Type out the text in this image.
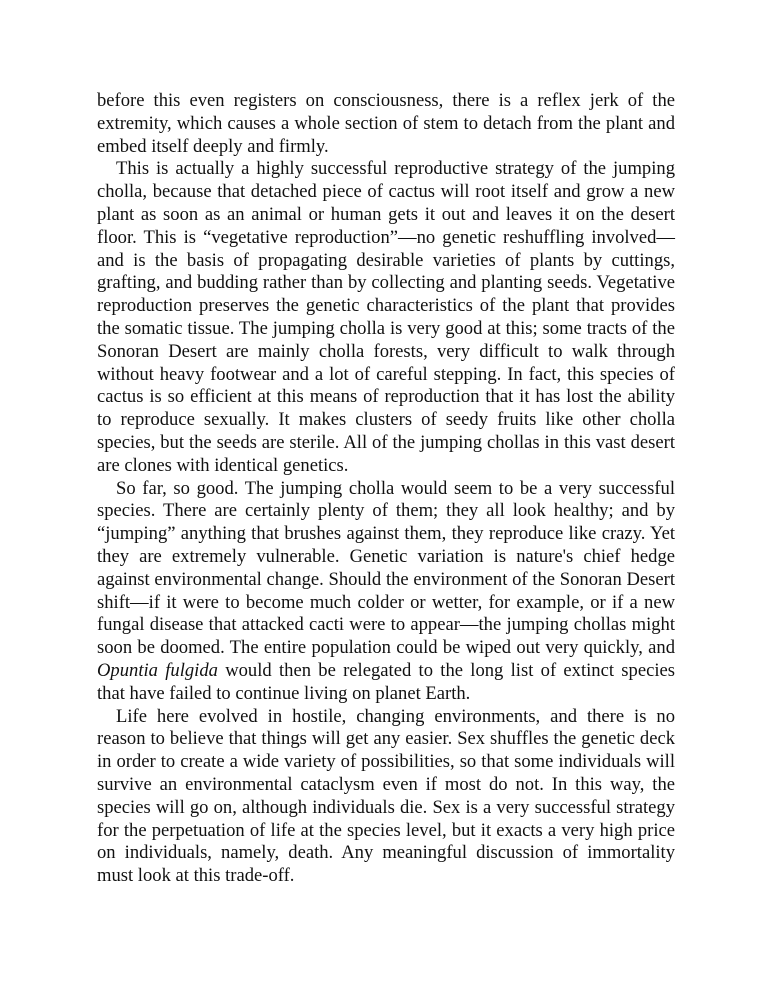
before this even registers on consciousness, there is a reflex jerk of the extremity, which causes a whole section of stem to detach from the plant and embed itself deeply and firmly.

This is actually a highly successful reproductive strategy of the jumping cholla, because that detached piece of cactus will root itself and grow a new plant as soon as an animal or human gets it out and leaves it on the desert floor. This is “vegetative reproduction”—no genetic reshuffling involved—and is the basis of propagating desirable varieties of plants by cuttings, grafting, and budding rather than by collecting and planting seeds. Vegetative reproduction preserves the genetic characteristics of the plant that provides the somatic tissue. The jumping cholla is very good at this; some tracts of the Sonoran Desert are mainly cholla forests, very difficult to walk through without heavy footwear and a lot of careful stepping. In fact, this species of cactus is so efficient at this means of reproduction that it has lost the ability to reproduce sexually. It makes clusters of seedy fruits like other cholla species, but the seeds are sterile. All of the jumping chollas in this vast desert are clones with identical genetics.

So far, so good. The jumping cholla would seem to be a very successful species. There are certainly plenty of them; they all look healthy; and by “jumping” anything that brushes against them, they reproduce like crazy. Yet they are extremely vulnerable. Genetic variation is nature's chief hedge against environmental change. Should the environment of the Sonoran Desert shift—if it were to become much colder or wetter, for example, or if a new fungal disease that attacked cacti were to appear—the jumping chollas might soon be doomed. The entire population could be wiped out very quickly, and Opuntia fulgida would then be relegated to the long list of extinct species that have failed to continue living on planet Earth.

Life here evolved in hostile, changing environments, and there is no reason to believe that things will get any easier. Sex shuffles the genetic deck in order to create a wide variety of possibilities, so that some individuals will survive an environmental cataclysm even if most do not. In this way, the species will go on, although individuals die. Sex is a very successful strategy for the perpetuation of life at the species level, but it exacts a very high price on individuals, namely, death. Any meaningful discussion of immortality must look at this trade-off.
